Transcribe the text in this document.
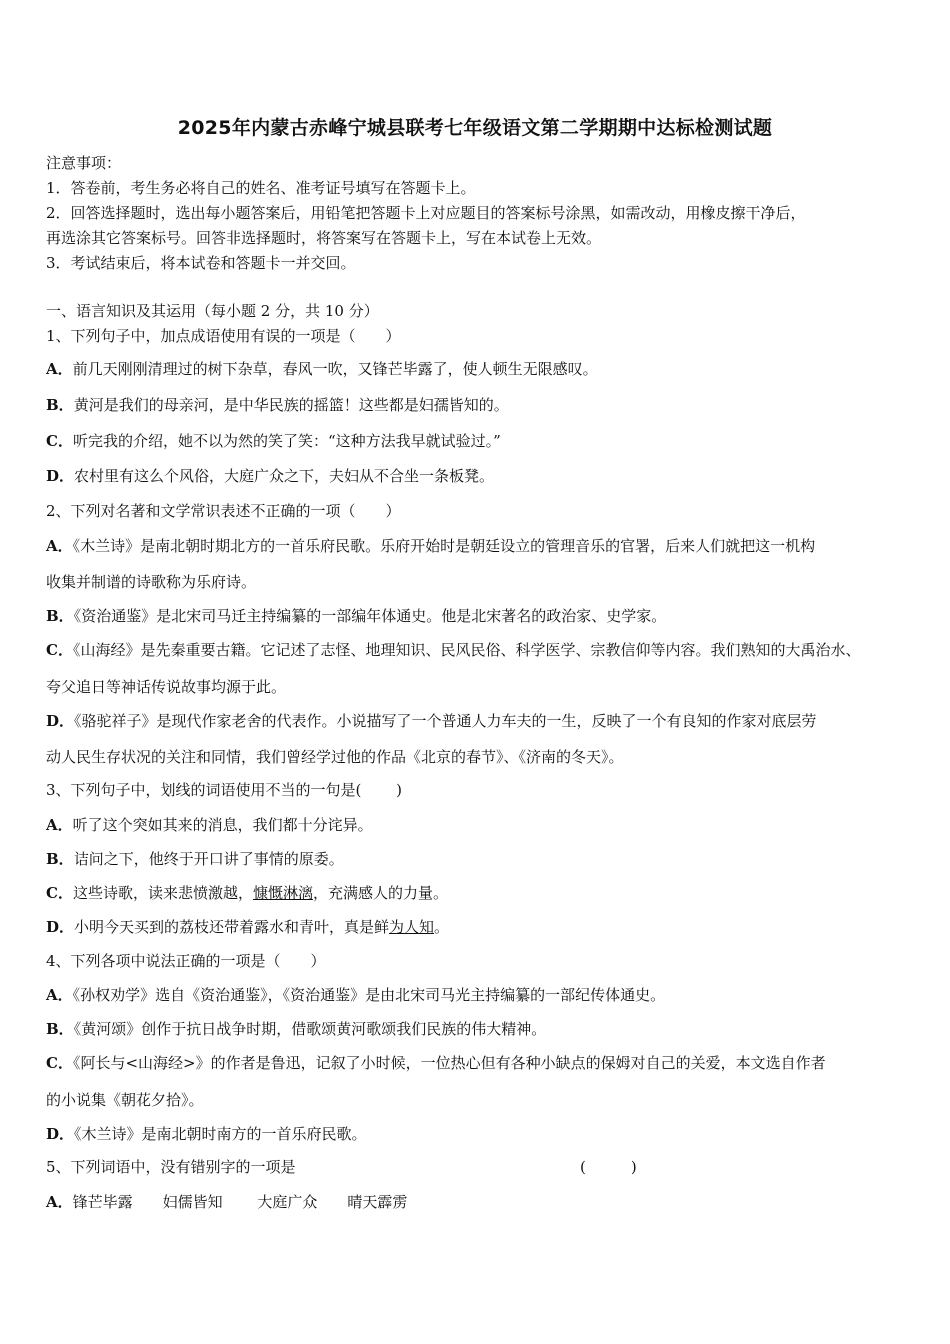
2025年内蒙古赤峰宁城县联考七年级语文第二学期期中达标检测试题
注意事项：
1．答卷前，考生务必将自己的姓名、准考证号填写在答题卡上。
2．回答选择题时，选出每小题答案后，用铅笔把答题卡上对应题目的答案标号涂黑，如需改动，用橡皮擦干净后，
再选涂其它答案标号。回答非选择题时，将答案写在答题卡上，写在本试卷上无效。
3．考试结束后，将本试卷和答题卡一并交回。
一、语言知识及其运用（每小题 2 分，共 10 分）
1、下列句子中，加点成语使用有误的一项是（　　）
A．前几天刚刚清理过的树下杂草，春风一吹，又锋芒毕露了，使人顿生无限感叹。
B．黄河是我们的母亲河，是中华民族的摇篮！这些都是妇孺皆知的。
C．听完我的介绍，她不以为然的笑了笑：“这种方法我早就试验过。”
D．农村里有这么个风俗，大庭广众之下，夫妇从不合坐一条板凳。
2、下列对名著和文学常识表述不正确的一项（　　）
A．《木兰诗》是南北朝时期北方的一首乐府民歌。乐府开始时是朝廷设立的管理音乐的官署，后来人们就把这一机构
收集并制谱的诗歌称为乐府诗。
B．《资治通鉴》是北宋司马迁主持编纂的一部编年体通史。他是北宋著名的政治家、史学家。
C．《山海经》是先秦重要古籍。它记述了志怪、地理知识、民风民俗、科学医学、宗教信仰等内容。我们熟知的大禹治水、
夸父追日等神话传说故事均源于此。
D．《骆驼祥子》是现代作家老舍的代表作。小说描写了一个普通人力车夫的一生，反映了一个有良知的作家对底层劳
动人民生存状况的关注和同情，我们曾经学过他的作品《北京的春节》、《济南的冬天》。
3、下列句子中，划线的词语使用不当的一句是(　　 )
A．听了这个突如其来的消息，我们都十分诧异。
B．诘问之下，他终于开口讲了事情的原委。
C．这些诗歌，读来悲愤激越，慷慨淋漓，充满感人的力量。
D．小明今天买到的荔枝还带着露水和青叶，真是鲜为人知。
4、下列各项中说法正确的一项是（　　）
A．《孙权劝学》选自《资治通鉴》，《资治通鉴》是由北宋司马光主持编纂的一部纪传体通史。
B．《黄河颂》创作于抗日战争时期，借歌颂黄河歌颂我们民族的伟大精神。
C．《阿长与<山海经>》的作者是鲁迅，记叙了小时候，一位热心但有各种小缺点的保姆对自己的关爱，本文选自作者
的小说集《朝花夕拾》。
D．《木兰诗》是南北朝时南方的一首乐府民歌。
5、下列词语中，没有错别字的一项是	(　　　)
A．锋芒毕露　　妇儒皆知　　 大庭广众　　晴天霹雳
